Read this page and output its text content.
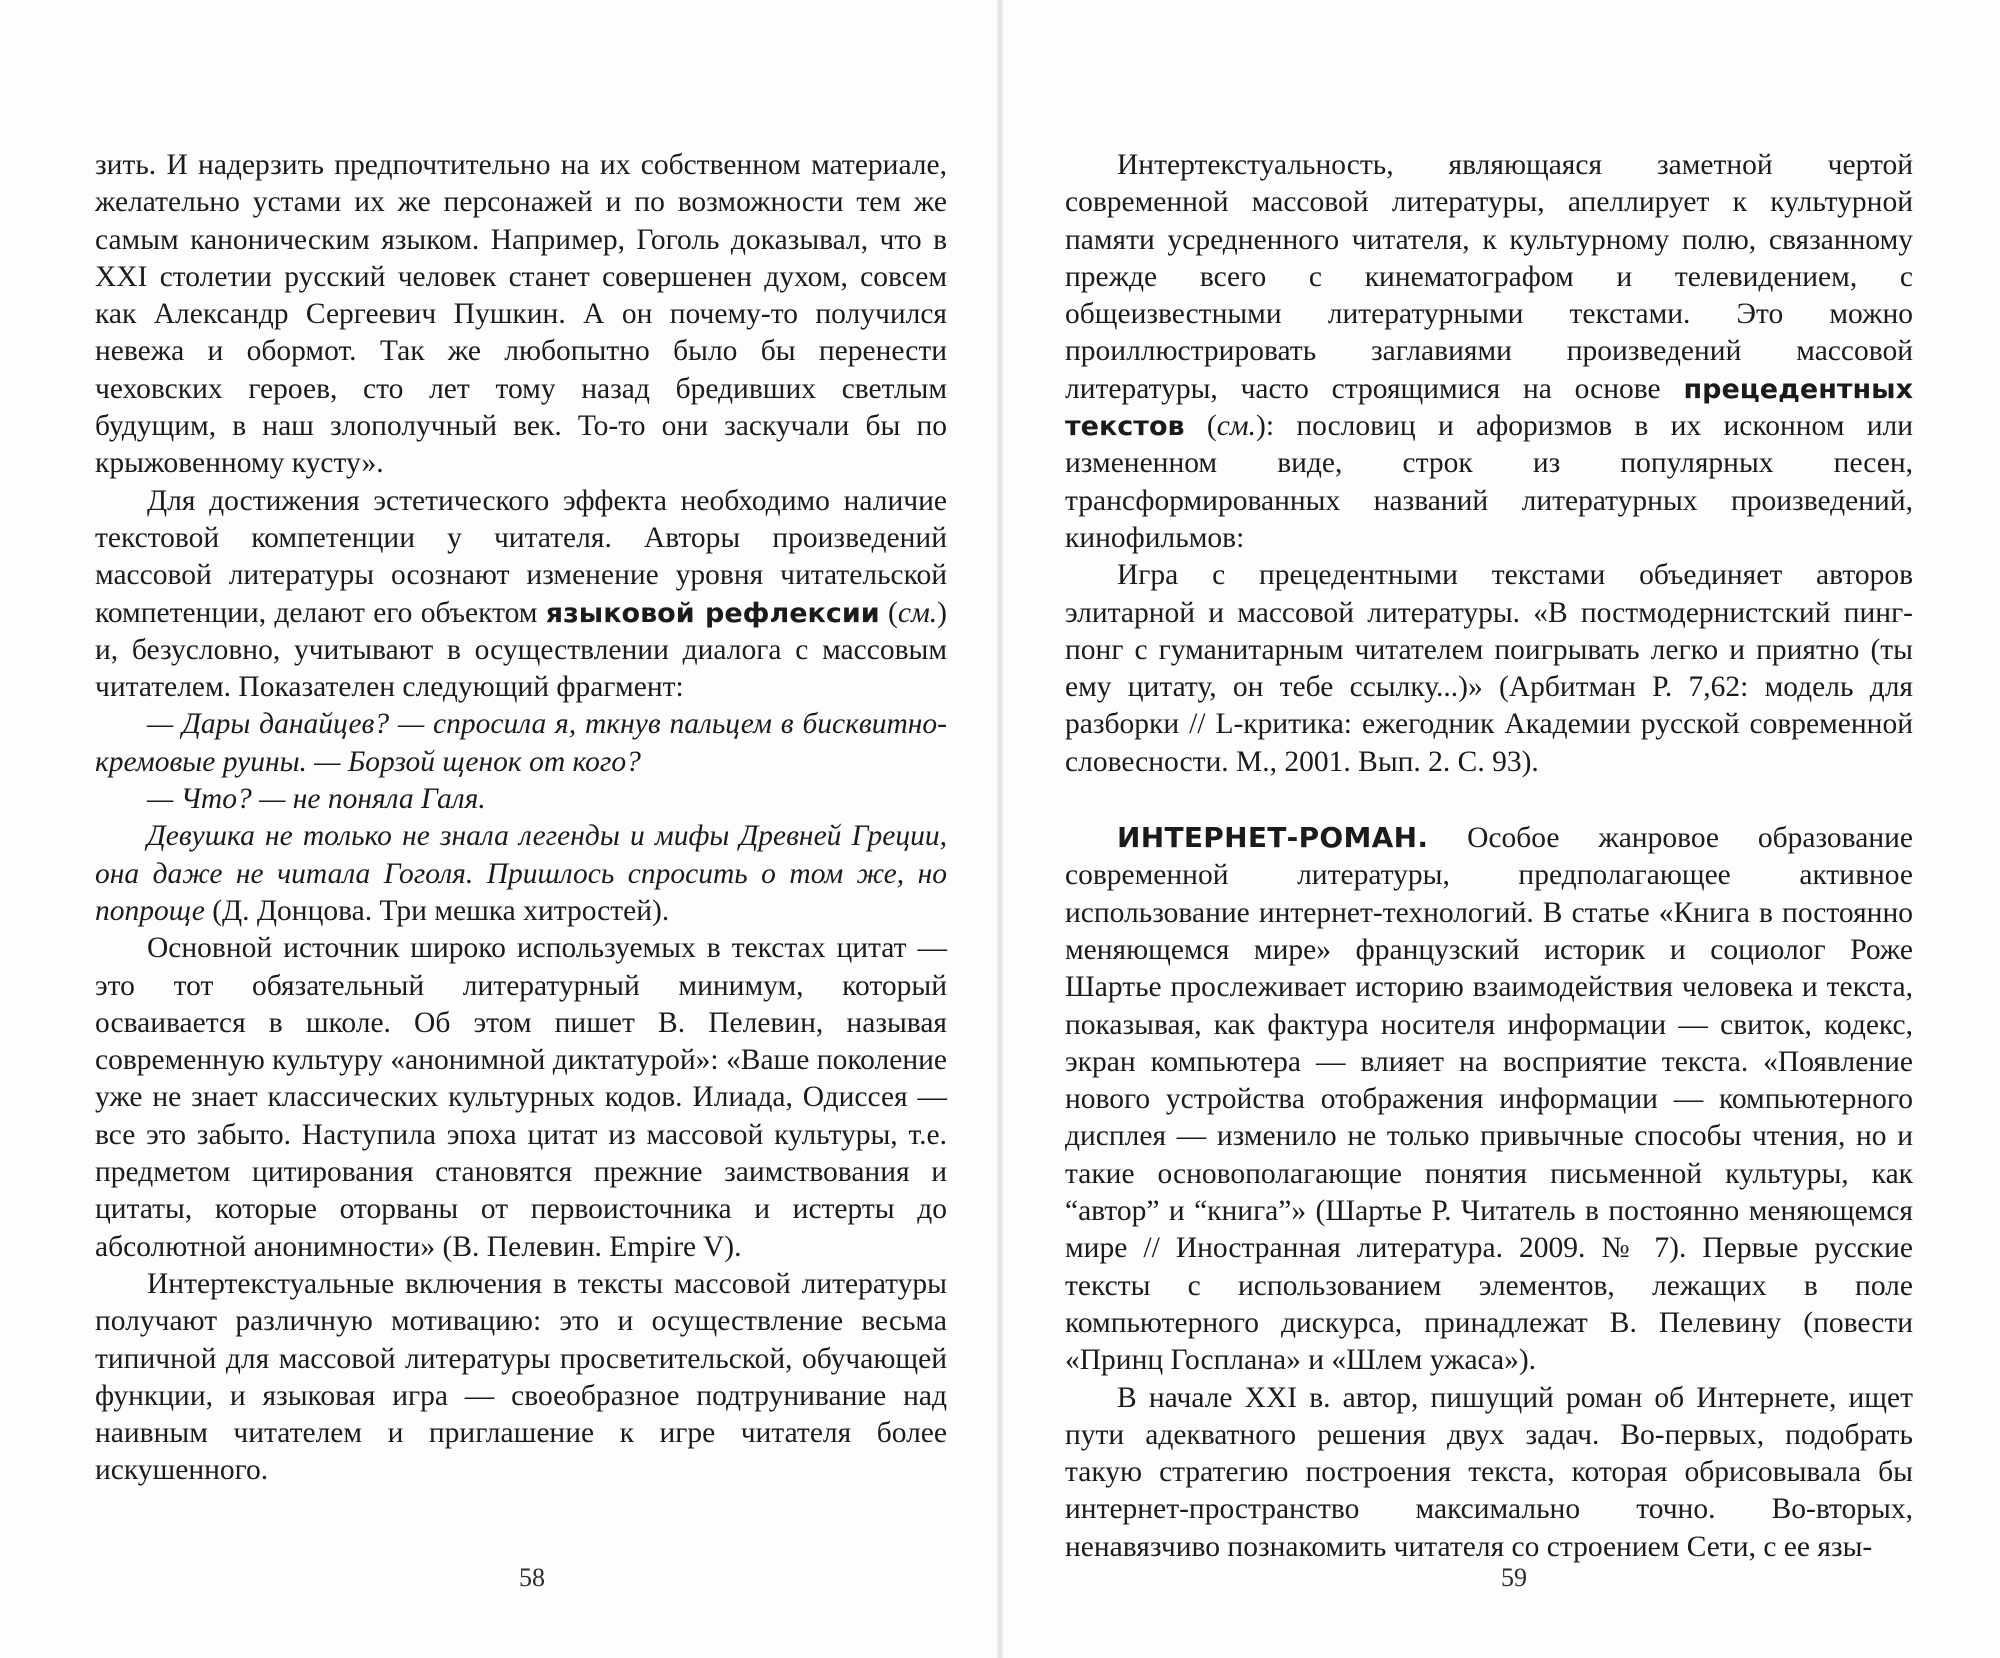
зить. И надерзить предпочтительно на их собственном материале, желательно устами их же персонажей и по возможности тем же самым каноническим языком. Например, Гоголь доказывал, что в XXI столетии русский человек станет совершенен духом, совсем как Александр Сергеевич Пушкин. А он почему-то получился невежа и обормот. Так же любопытно было бы перенести чеховских героев, сто лет тому назад бредивших светлым будущим, в наш злополучный век. То-то они заскучали бы по крыжовенному кусту».

Для достижения эстетического эффекта необходимо наличие текстовой компетенции у читателя. Авторы произведений массовой литературы осознают изменение уровня читательской компетенции, делают его объектом языковой рефлексии (см.) и, безусловно, учитывают в осуществлении диалога с массовым читателем. Показателен следующий фрагмент:

— Дары данайцев? — спросила я, ткнув пальцем в бисквитно-кремовые руины. — Борзой щенок от кого?

— Что? — не поняла Галя.

Девушка не только не знала легенды и мифы Древней Греции, она даже не читала Гоголя. Пришлось спросить о том же, но попроще (Д. Донцова. Три мешка хитростей).

Основной источник широко используемых в текстах цитат — это тот обязательный литературный минимум, который осваивается в школе. Об этом пишет В. Пелевин, называя современную культуру «анонимной диктатурой»: «Ваше поколение уже не знает классических культурных кодов. Илиада, Одиссея — все это забыто. Наступила эпоха цитат из массовой культуры, т.е. предметом цитирования становятся прежние заимствования и цитаты, которые оторваны от первоисточника и истерты до абсолютной анонимности» (В. Пелевин. Empire V).

Интертекстуальные включения в тексты массовой литературы получают различную мотивацию: это и осуществление весьма типичной для массовой литературы просветительской, обучающей функции, и языковая игра — своеобразное подтрунивание над наивным читателем и приглашение к игре читателя более искушенного.

58

Интертекстуальность, являющаяся заметной чертой современной массовой литературы, апеллирует к культурной памяти усредненного читателя, к культурному полю, связанному прежде всего с кинематографом и телевидением, с общеизвестными литературными текстами. Это можно проиллюстрировать заглавиями произведений массовой литературы, часто строящимися на основе прецедентных текстов (см.): пословиц и афоризмов в их исконном или измененном виде, строк из популярных песен, трансформированных названий литературных произведений, кинофильмов:

Игра с прецедентными текстами объединяет авторов элитарной и массовой литературы. «В постмодернистский пинг-понг с гуманитарным читателем поигрывать легко и приятно (ты ему цитату, он тебе ссылку...)» (Арбитман Р. 7,62: модель для разборки // L-критика: ежегодник Академии русской современной словесности. М., 2001. Вып. 2. С. 93).

ИНТЕРНЕТ-РОМАН. Особое жанровое образование современной литературы, предполагающее активное использование интернет-технологий. В статье «Книга в постоянно меняющемся мире» французский историк и социолог Роже Шартье прослеживает историю взаимодействия человека и текста, показывая, как фактура носителя информации — свиток, кодекс, экран компьютера — влияет на восприятие текста. «Появление нового устройства отображения информации — компьютерного дисплея — изменило не только привычные способы чтения, но и такие основополагающие понятия письменной культуры, как “автор” и “книга”» (Шартье Р. Читатель в постоянно меняющемся мире // Иностранная литература. 2009. № 7). Первые русские тексты с использованием элементов, лежащих в поле компьютерного дискурса, принадлежат В. Пелевину (повести «Принц Госплана» и «Шлем ужаса»).

В начале XXI в. автор, пишущий роман об Интернете, ищет пути адекватного решения двух задач. Во-первых, подобрать такую стратегию построения текста, которая обрисовывала бы интернет-пространство максимально точно. Во-вторых, ненавязчиво познакомить читателя со строением Сети, с ее язы-

59
